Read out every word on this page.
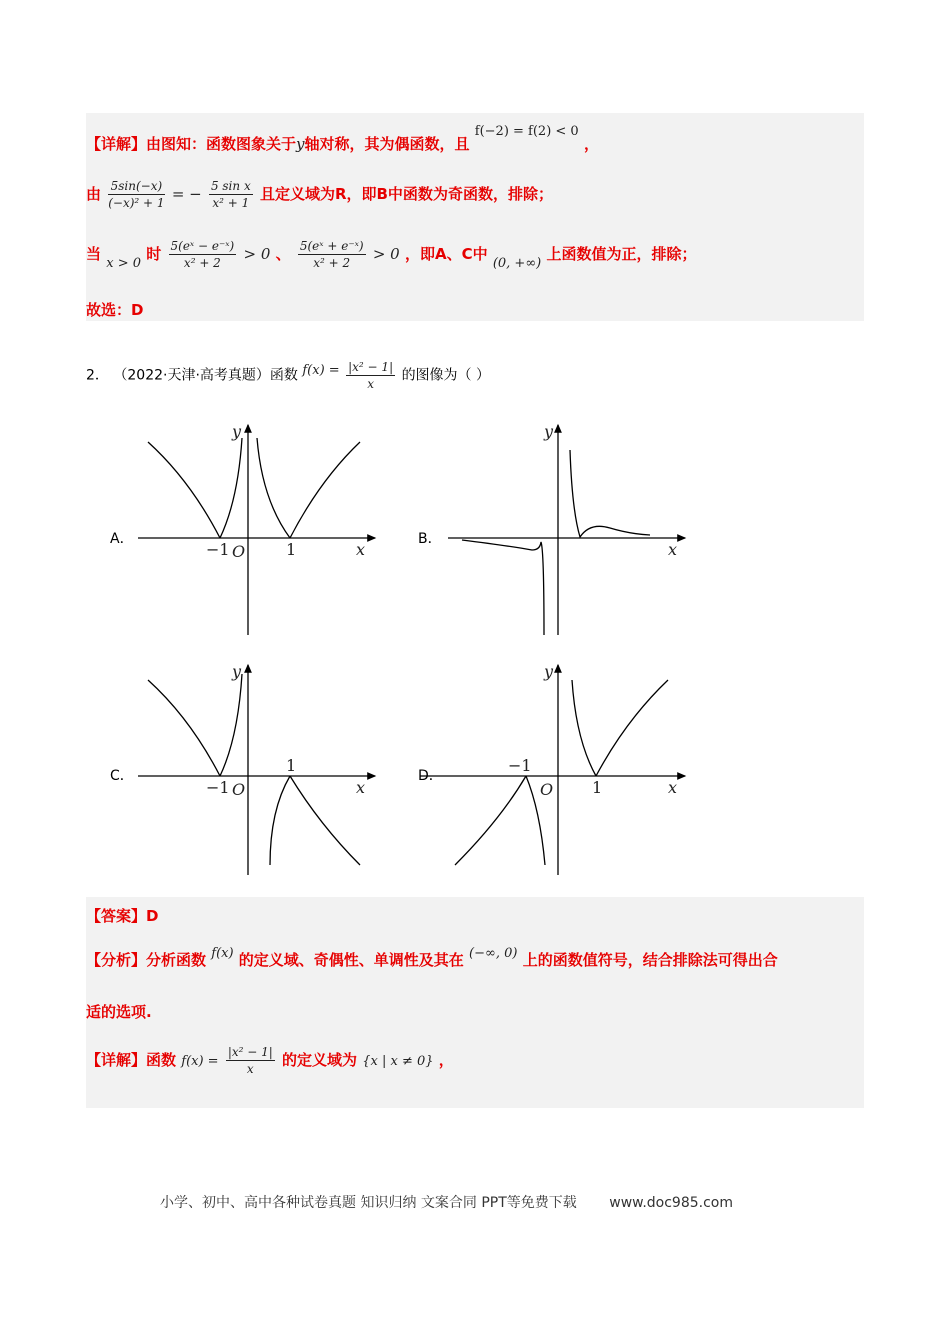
【详解】由图知：函数图象关于y轴对称，其为偶函数，且 f(−2) = f(2) < 0 ，
由 $\frac{5\sin(-x)}{\text{(−x)² + 1}}$ = − $\frac{\text{5 sin x}}{\text{x² + 1}}$ 且定义域为R，即B中函数为奇函数，排除；
当 x > 0 时 $\frac{\text{5(eˣ − e⁻ˣ)}}{\text{x² + 2}} > 0$ 、 $\frac{\text{5(eˣ + e⁻ˣ)}}{\text{x² + 2}} > 0$ ，即A、C中 (0, +∞) 上函数值为正，排除；
故选：D
2． （2022·天津·高考真题）函数 $f(x) = \frac{\text{|x² − 1|}}{x}$ 的图像为（ ）
A．
y
x
O
−1	1
B．
y
x
C．
y
x
O
−1
1
D．
y
x
O
−1
1
【答案】D
【分析】分析函数 f(x) 的定义域、奇偶性、单调性及其在 (−∞, 0) 上的函数值符号，结合排除法可得出合
适的选项.
【详解】函数 $f(x) = \frac{\text{|x² − 1|}}{x}$ 的定义域为 {x | x ≠ 0} ，
小学、初中、高中各种试卷真题 知识归纳 文案合同 PPT等免费下载 www.doc985.com
